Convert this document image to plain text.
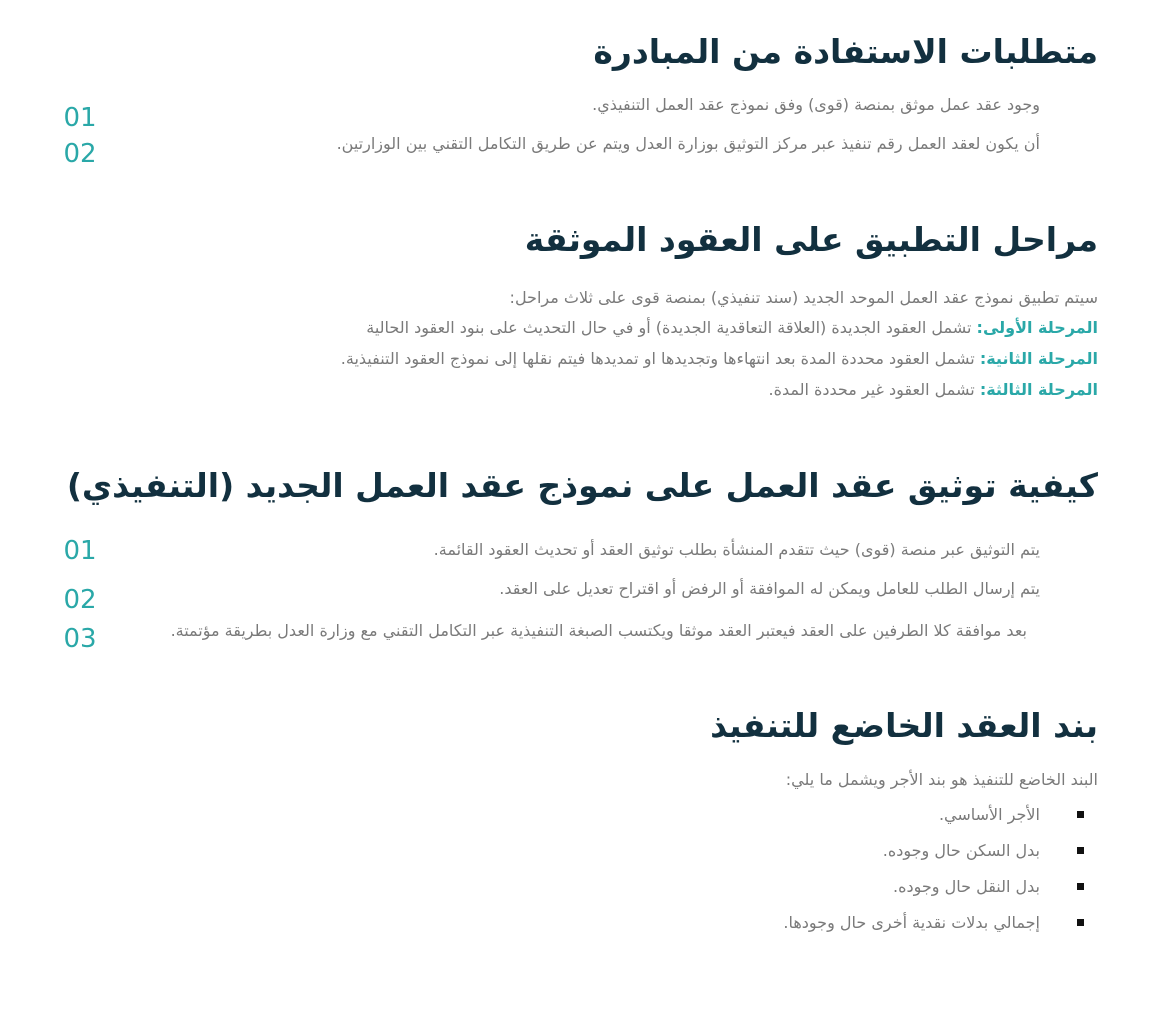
متطلبات الاستفادة من المبادرة
01	وجود عقد عمل موثق بمنصة (قوى) وفق نموذج عقد العمل التنفيذي.
02	أن يكون لعقد العمل رقم تنفيذ عبر مركز التوثيق بوزارة العدل ويتم عن طريق التكامل التقني بين الوزارتين.
مراحل التطبيق على العقود الموثقة
سيتم تطبيق نموذج عقد العمل الموحد الجديد (سند تنفيذي) بمنصة قوى على ثلاث مراحل:
المرحلة الأولى: تشمل العقود الجديدة (العلاقة التعاقدية الجديدة) أو في حال التحديث على بنود العقود الحالية
المرحلة الثانية: تشمل العقود محددة المدة بعد انتهاءها وتجديدها او تمديدها فيتم نقلها إلى نموذج العقود التنفيذية.
المرحلة الثالثة: تشمل العقود غير محددة المدة.
كيفية توثيق عقد العمل على نموذج عقد العمل الجديد (التنفيذي)
01	يتم التوثيق عبر منصة (قوى) حيث تتقدم المنشأة بطلب توثيق العقد أو تحديث العقود القائمة.
02	يتم إرسال الطلب للعامل ويمكن له الموافقة أو الرفض أو اقتراح تعديل على العقد.
03	بعد موافقة كلا الطرفين على العقد فيعتبر العقد موثقا ويكتسب الصبغة التنفيذية عبر التكامل التقني مع وزارة العدل بطريقة مؤتمتة.
بند العقد الخاضع للتنفيذ
البند الخاضع للتنفيذ هو بند الأجر ويشمل ما يلي:
الأجر الأساسي.
بدل السكن حال وجوده.
بدل النقل حال وجوده.
إجمالي بدلات نقدية أخرى حال وجودها.
